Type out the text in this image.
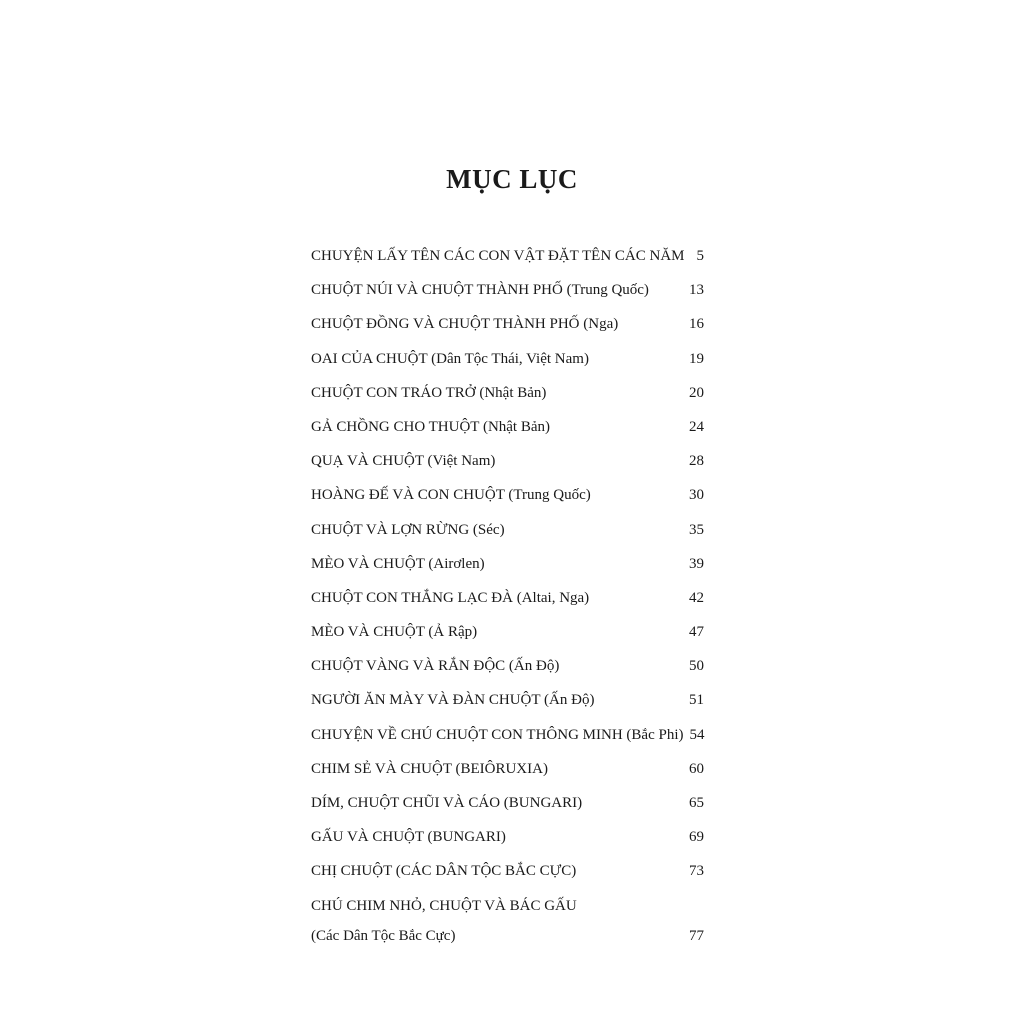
MỤC LỤC
CHUYỆN LẤY TÊN CÁC CON VẬT ĐẶT TÊN CÁC NĂM 5
CHUỘT NÚI VÀ CHUỘT THÀNH PHỐ (Trung Quốc)	13
CHUỘT ĐỒNG VÀ CHUỘT THÀNH PHỐ (Nga)	16
OAI CỦA CHUỘT (Dân Tộc Thái, Việt Nam)	19
CHUỘT CON TRÁO TRỞ (Nhật Bản)	20
GẢ CHỒNG CHO THUỘT (Nhật Bản)	24
QUẠ VÀ CHUỘT (Việt Nam)	28
HOÀNG ĐẾ VÀ CON CHUỘT (Trung Quốc)	30
CHUỘT VÀ LỢN RỪNG (Séc)	35
MÈO VÀ CHUỘT (Airơlen)	39
CHUỘT CON THẮNG LẠC ĐÀ (Altai, Nga)	42
MÈO VÀ CHUỘT (Ả Rập)	47
CHUỘT VÀNG VÀ RẮN ĐỘC (Ấn Độ)	50
NGƯỜI ĂN MÀY VÀ ĐÀN CHUỘT (Ấn Độ)	51
CHUYỆN VỀ CHÚ CHUỘT CON THÔNG MINH (Bắc Phi) 54
CHIM SẺ VÀ CHUỘT (BEIÔRUXIA)	60
DÍM, CHUỘT CHŨI VÀ CÁO (BUNGARI)	65
GẤU VÀ CHUỘT (BUNGARI)	69
CHỊ CHUỘT (CÁC DÂN TỘC BẮC CỰC)	73
CHÚ CHIM NHỎ, CHUỘT VÀ BÁC GẤU
(Các Dân Tộc Bắc Cực)	77
